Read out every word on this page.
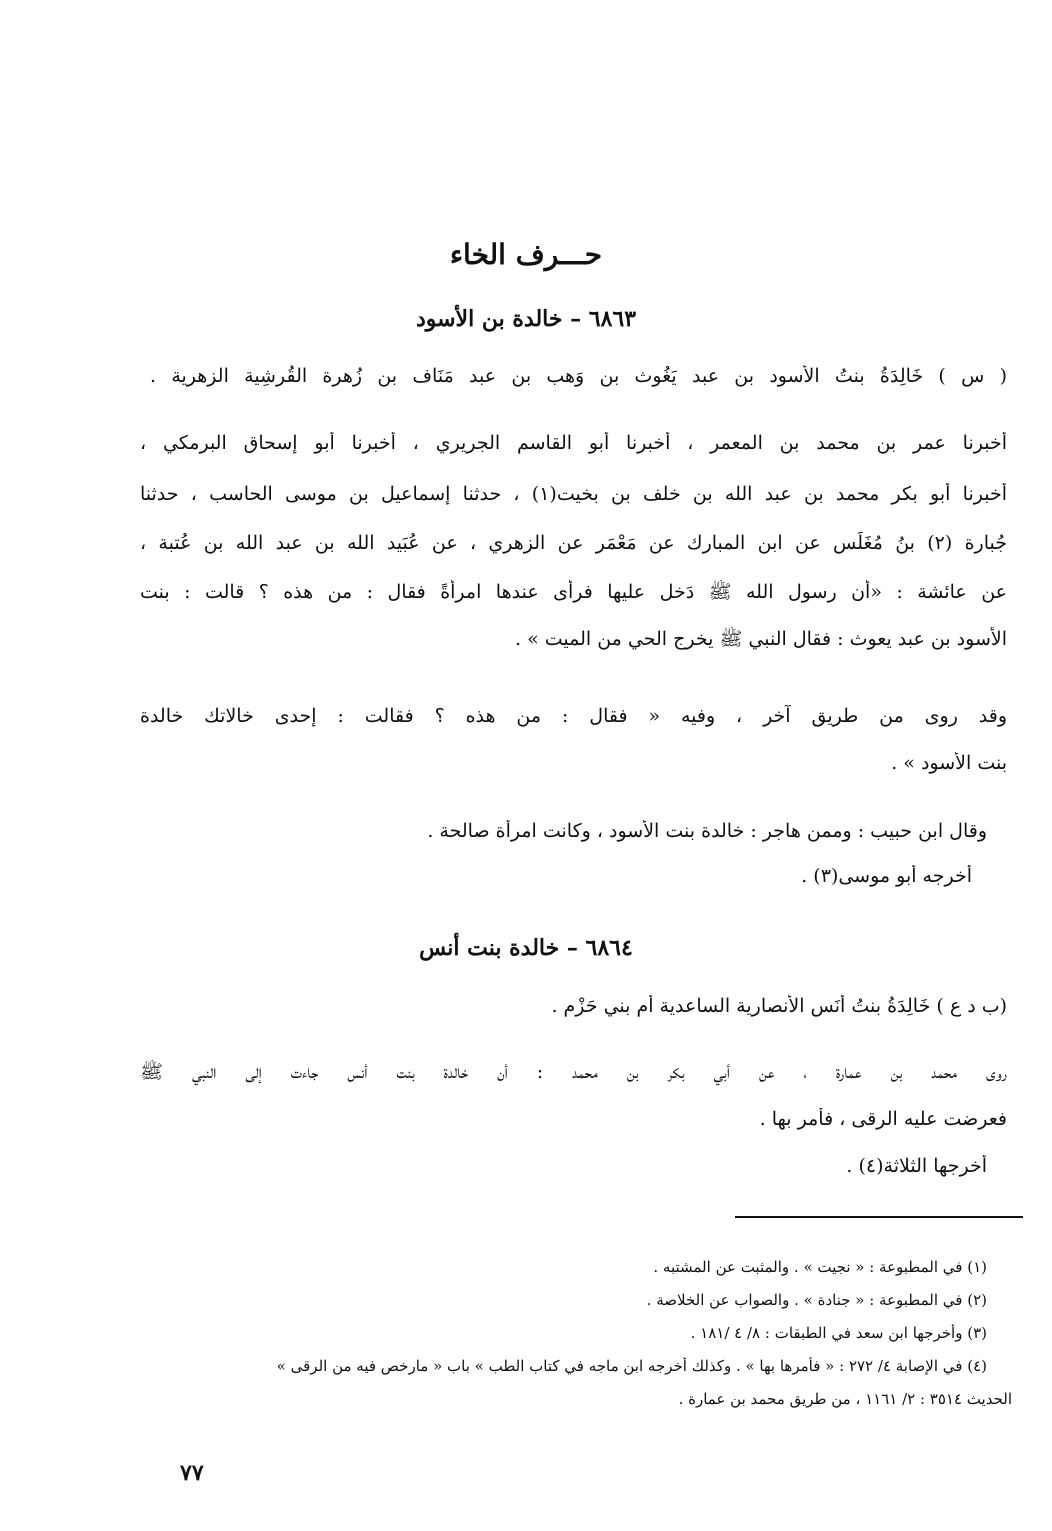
حـــرف الخاء
٦٨٦٣ – خالدة بن الأسود
( س ) خَالِدَةُ بنتُ الأَسود بن عبد يَغُوث بن وَهب بن عبد مَنَاف بن زُهرة القُرشِية الزهرية .
أخبرنا عمر بن محمد بن المعمر ، أخبرنا أبو القاسم الجريري ، أخبرنا أبو إسحاق البرمكي ،
أخبرنا أبو بكر محمد بن عبد الله بن خلف بن بخيت(١) ، حدثنا إسماعيل بن موسى الحاسب ، حدثنا
جُبارة (٢) بنُ مُغَلِّس عن ابن المبارك عن مَعْمَر عن الزهري ، عن عُبَيد الله بن عبد الله بن عُتبة ،
عن عائشة : «أن رسول الله ﷺ دَخل عليها فرأى عندها امرأةً فقال : من هذه ؟ قالت : بنت
الأسود بن عبد يعوث : فقال النبي ﷺ يخرج الحي من الميت » .
وقد روى من طريق آخر ، وفيه « فقال : من هذه ؟ فقالت : إحدى خالاتك خالدة
بنت الأسود » .
وقال ابن حبيب : وممن هاجر : خالدة بنت الأسود ، وكانت امرأة صالحة .
أخرجه أبو موسى(٣) .
٦٨٦٤ – خالدة بنت أنس
(ب د ع ) خَالِدَةُ بنتُ أَنَس الأنصارية الساعدية أم بني حَزْم .
روى محمد بن عمارة ، عن أبي بكر بن محمد : أن خالدة بنت أنس جاءت إلى النبي ﷺ
فعرضت عليه الرقى ، فأمر بها .
أخرجها الثلاثة(٤) .
(١) في المطبوعة : « نجيت » . والمثبت عن المشتبه .
(٢) في المطبوعة : « جنادة » . والصواب عن الخلاصة .
(٣) وأخرجها ابن سعد في الطبقات : ٨/ ٤ /١٨١ .
(٤) في الإصابة ٤/ ٢٧٢ : « فأمرها بها » . وكذلك أخرجه ابن ماجه في كتاب الطب » باب « مارخص فيه من الرقى »
الحديث ٣٥١٤ : ٢/ ١١٦١ ، من طريق محمد بن عمارة .
٧٧
